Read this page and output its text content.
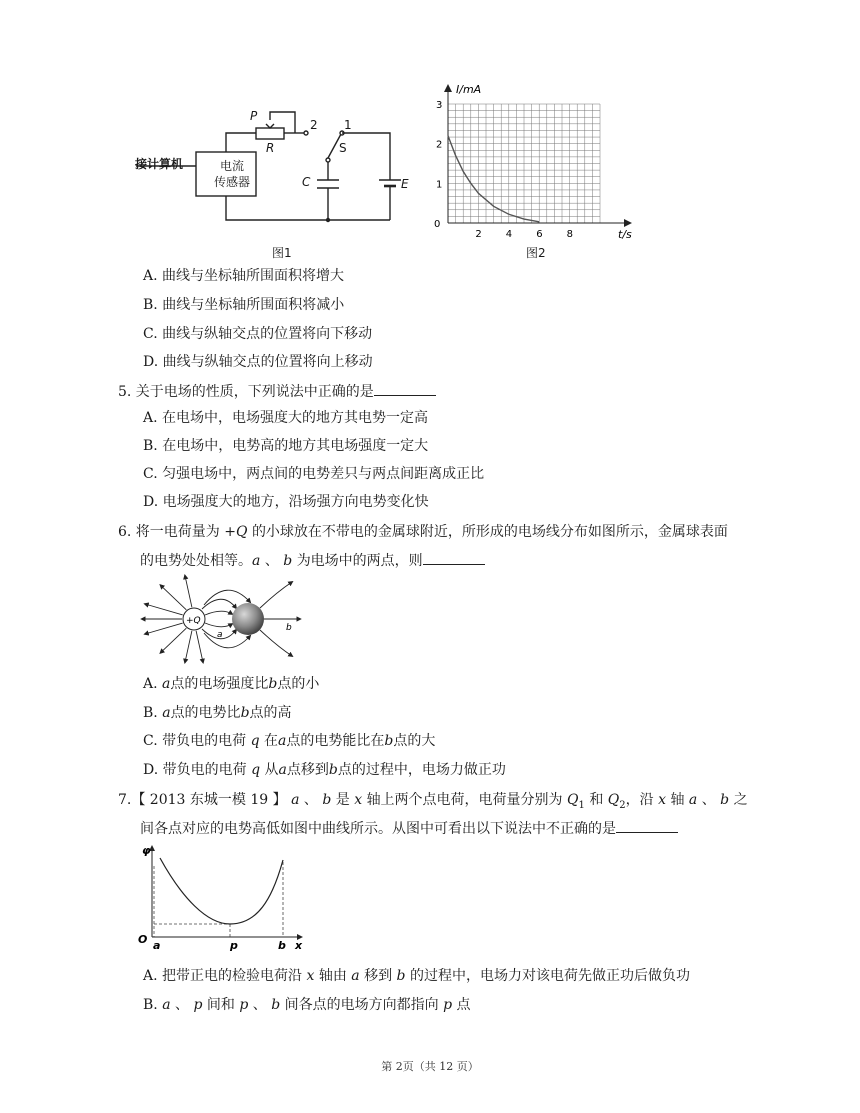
接计算机	电流
传感器
P
R
2 1
S
C	E
图1
0
1
2
3
2 4 6 8
I/mA
t/s
图2
A. 曲线与坐标轴所围面积将增大
B. 曲线与坐标轴所围面积将减小
C. 曲线与纵轴交点的位置将向下移动
D. 曲线与纵轴交点的位置将向上移动
5. 关于电场的性质，下列说法中正确的是
A. 在电场中，电场强度大的地方其电势一定高
B. 在电场中，电势高的地方其电场强度一定大
C. 匀强电场中，两点间的电势差只与两点间距离成正比
D. 电场强度大的地方，沿场强方向电势变化快
6. 将一电荷量为 +Q 的小球放在不带电的金属球附近，所形成的电场线分布如图所示，金属球表面
的电势处处相等。a 、 b 为电场中的两点，则
+Q
a
b
A. a点的电场强度比b点的小
B. a点的电势比b点的高
C. 带负电的电荷 q 在a点的电势能比在b点的大
D. 带负电的电荷 q 从a点移到b点的过程中，电场力做正功
7.【 2013 东城一模 19 】 a 、 b 是 x 轴上两个点电荷，电荷量分别为 $Q_1$ 和 $Q_2$，沿 x 轴 a 、 b 之
间各点对应的电势高低如图中曲线所示。从图中可看出以下说法中不正确的是
φ
O a	p	b x
A. 把带正电的检验电荷沿 x 轴由 a 移到 b 的过程中，电场力对该电荷先做正功后做负功
B. a 、 p 间和 p 、 b 间各点的电场方向都指向 p 点
第 2页（共 12 页）
